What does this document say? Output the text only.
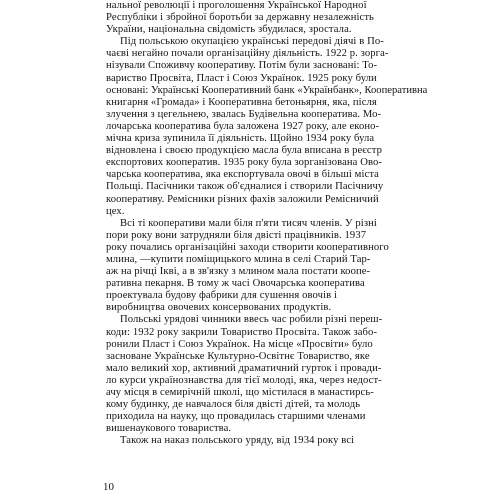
нальної революції і проголошення Української Народної
Республіки і збройної боротьби за державну незалежність
України, національна свідомість збудилася, зростала.
Під польською окупацією українські передові діячі в По-
чаєві негайно почали організаційну діяльність. 1922 р. зорга-
нізували Споживчу кооперативу. Потім були засновані: То-
вариство Просвіта, Пласт і Союз Українок. 1925 року були
основані: Українські Кооперативний банк «Українбанк», Кооперативна
книгарня «Громада» і Кооперативна бетоньярня, яка, після
злучення з цегельнею, звалась Будівельна кооператива. Мо-
лочарська кооператива була заложена 1927 року, але еконо-
мічна криза зупинила її діяльність. Щойно 1934 року була
відновлена і своєю продукцією масла була вписана в реєстр
експортових кооператив. 1935 року була зорганізована Ово-
чарська кооператива, яка експортувала овочі в більші міста
Польщі. Пасічники також об'єдналися і створили Пасічничу
кооперативу. Ремісники різних фахів заложили Ремісничий
цех.
Всі ті кооперативи мали біля п'яти тисяч членів. У різні
пори року вони затрудняли біля двісті працівників. 1937
року почались організаційні заходи створити кооперативного
млина, —купити поміщицького млина в селі Старий Тар-
аж на річці Ікві, а в зв'язку з млином мала постати коопе-
ративна пекарня. В тому ж часі Овочарська кооператива
проектувала будову фабрики для сушення овочів і
виробництва овочевих консервованих продуктів.
Польські урядові чинники ввесь час робили різні переш-
коди: 1932 року закрили Товариство Просвіта. Також забо-
ронили Пласт і Союз Українок. На місце «Просвіти» було
засноване Українське Культурно-Освітнє Товариство, яке
мало великий хор, активний драматичний гурток і провади-
ло курси українознавства для тієї молоді, яка, через недост-
ачу місця в семирічній школі, що містилася в манастирсь-
кому будинку, де навчалося біля двісті дітей, та молодь
приходила на науку, що провадилась старшими членами
вишенаукового товариства.
Також на наказ польського уряду, від 1934 року всі
10
